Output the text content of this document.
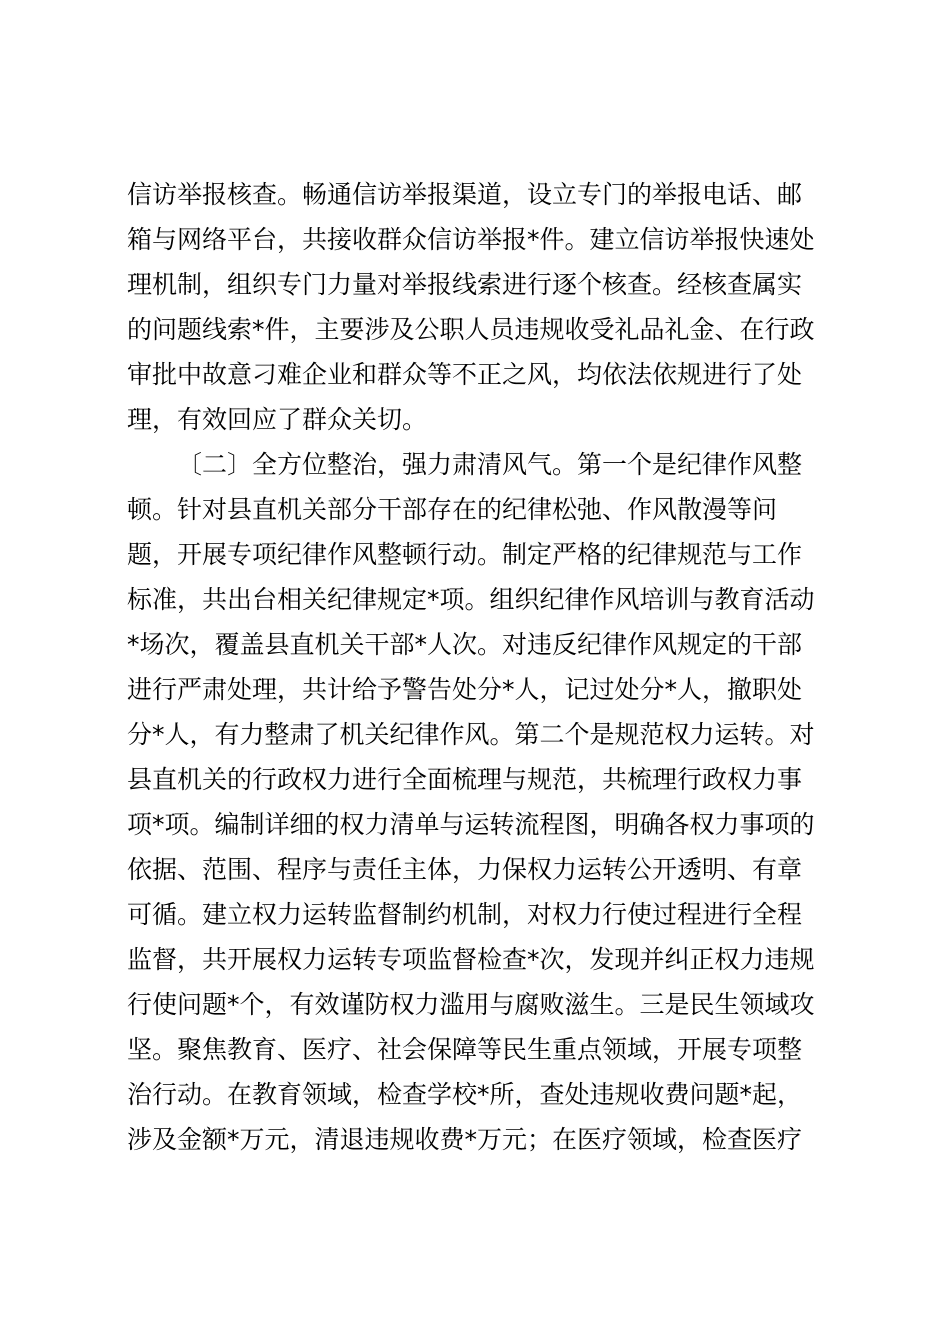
信访举报核查。畅通信访举报渠道，设立专门的举报电话、邮
箱与网络平台，共接收群众信访举报*件。建立信访举报快速处
理机制，组织专门力量对举报线索进行逐个核查。经核查属实
的问题线索*件，主要涉及公职人员违规收受礼品礼金、在行政
审批中故意刁难企业和群众等不正之风，均依法依规进行了处
理，有效回应了群众关切。
〔二〕全方位整治，强力肃清风气。第一个是纪律作风整
顿。针对县直机关部分干部存在的纪律松弛、作风散漫等问
题，开展专项纪律作风整顿行动。制定严格的纪律规范与工作
标准，共出台相关纪律规定*项。组织纪律作风培训与教育活动
*场次，覆盖县直机关干部*人次。对违反纪律作风规定的干部
进行严肃处理，共计给予警告处分*人，记过处分*人，撤职处
分*人，有力整肃了机关纪律作风。第二个是规范权力运转。对
县直机关的行政权力进行全面梳理与规范，共梳理行政权力事
项*项。编制详细的权力清单与运转流程图，明确各权力事项的
依据、范围、程序与责任主体，力保权力运转公开透明、有章
可循。建立权力运转监督制约机制，对权力行使过程进行全程
监督，共开展权力运转专项监督检查*次，发现并纠正权力违规
行使问题*个，有效谨防权力滥用与腐败滋生。三是民生领域攻
坚。聚焦教育、医疗、社会保障等民生重点领域，开展专项整
治行动。在教育领域，检查学校*所，查处违规收费问题*起，
涉及金额*万元，清退违规收费*万元；在医疗领域，检查医疗
